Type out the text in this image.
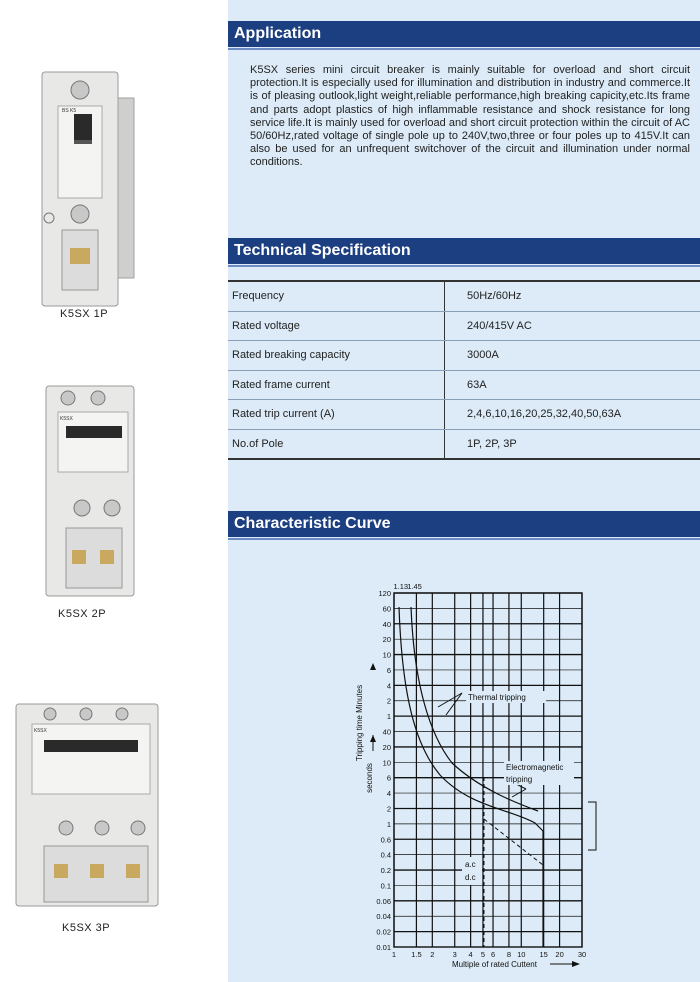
BS K5
K5SX 1P
K5SX
K5SX 2P
K5SX
K5SX 3P
Application
K5SX series mini circuit breaker is mainly suitable for overload and short circuit protection.It is especially used for illumination and distribution in industry and commerce.It is of pleasing outlook,light weight,reliable performance,high breaking capicity,etc.Its frame and parts adopt plastics of high inflammable resistance and shock resistance for long service life.It is mainly used for overload and short circuit protection within the circuit of AC 50/60Hz,rated voltage of single pole up to 240V,two,three or four poles up to 415V.It can also be used for an unfrequent switchover of the circuit and illumination under normal conditions.
Technical Specification
Frequency	50Hz/60Hz
Rated voltage	240/415V AC
Rated breaking capacity	3000A
Rated frame current	63A
Rated trip current (A)	2,4,6,10,16,20,25,32,40,50,63A
No.of Pole	1P, 2P, 3P
Characteristic Curve
120
60
40
20
10
6
4
2
1
40
20
10
6
4
2
1
0.6
0.4
0.2
0.1
0.06
0.04
0.02
0.01
1 1.5 2 3 4 5 6 8 10 15 20 30
1.13 1.45
Thermal tripping
Electromagnetic
tripping
a.c
d.c
Tripping time Minutes
seconds
Multiple of rated Cuttent
